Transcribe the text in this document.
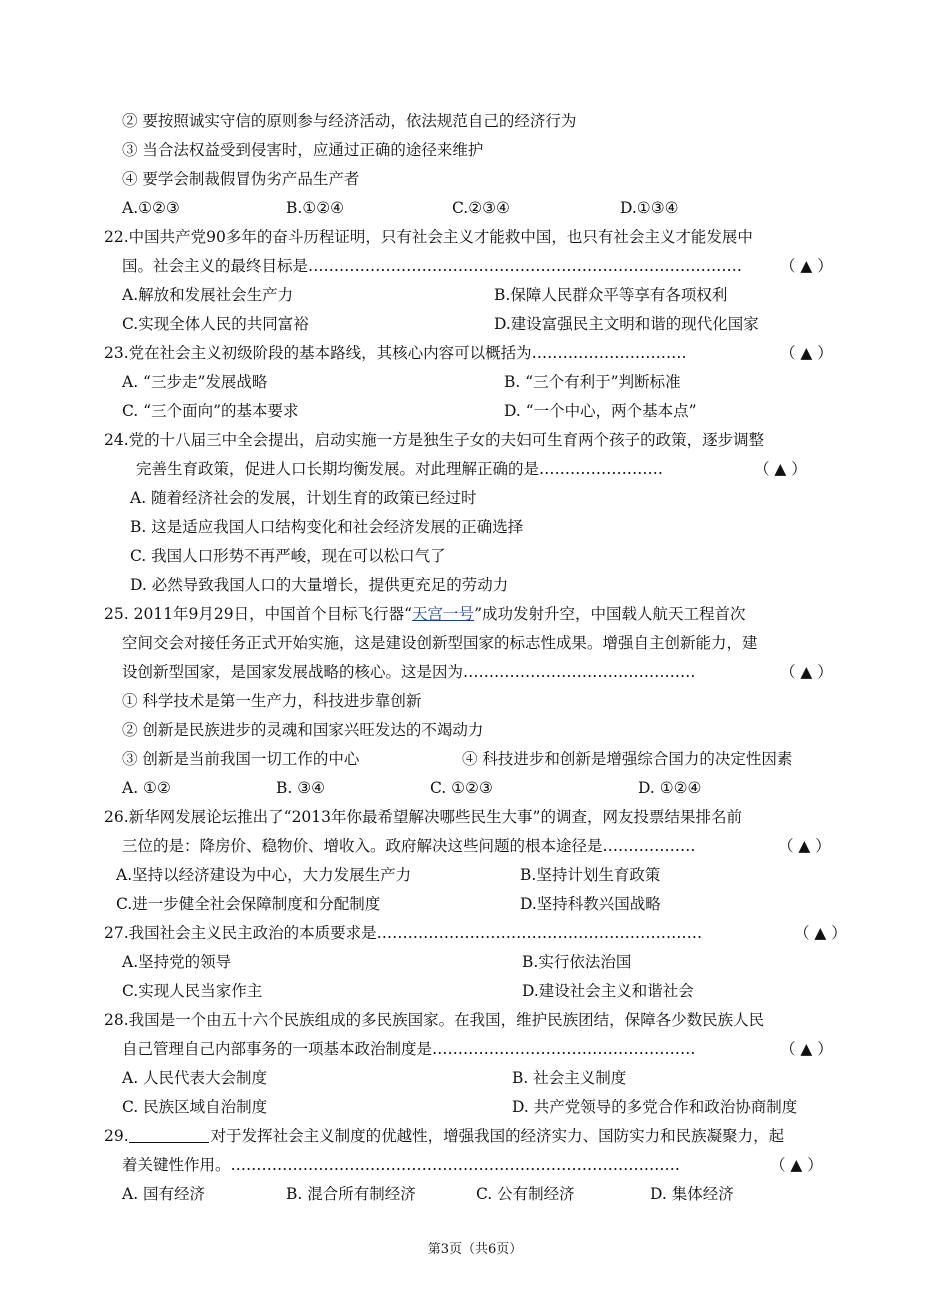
② 要按照诚实守信的原则参与经济活动，依法规范自己的经济行为
③ 当合法权益受到侵害时，应通过正确的途径来维护
④ 要学会制裁假冒伪劣产品生产者
A.①②③	B.①②④	C.②③④	D.①③④
22.中国共产党90多年的奋斗历程证明，只有社会主义才能救中国，也只有社会主义才能发展中
国。社会主义的最终目标是………………………………………………………………………… （ ▲ ）
A.解放和发展社会生产力	B.保障人民群众平等享有各项权利
C.实现全体人民的共同富裕	D.建设富强民主文明和谐的现代化国家
23.党在社会主义初级阶段的基本路线，其核心内容可以概括为…………………………	（ ▲ ）
A. “三步走”发展战略	B. “三个有利于”判断标准
C. “三个面向”的基本要求	D. “一个中心，两个基本点”
24.党的十八届三中全会提出，启动实施一方是独生子女的夫妇可生育两个孩子的政策，逐步调整
完善生育政策，促进人口长期均衡发展。对此理解正确的是……………………	（ ▲ ）
A. 随着经济社会的发展，计划生育的政策已经过时
B. 这是适应我国人口结构变化和社会经济发展的正确选择
C. 我国人口形势不再严峻，现在可以松口气了
D. 必然导致我国人口的大量增长，提供更充足的劳动力
25. 2011年9月29日，中国首个目标飞行器“天宫一号”成功发射升空，中国载人航天工程首次
空间交会对接任务正式开始实施，这是建设创新型国家的标志性成果。增强自主创新能力，建
设创新型国家，是国家发展战略的核心。这是因为………………………………………	（ ▲ ）
① 科学技术是第一生产力，科技进步靠创新
② 创新是民族进步的灵魂和国家兴旺发达的不竭动力
③ 创新是当前我国一切工作的中心	④ 科技进步和创新是增强综合国力的决定性因素
A. ①②	B. ③④	C. ①②③	D. ①②④
26.新华网发展论坛推出了“2013年你最希望解决哪些民生大事”的调查，网友投票结果排名前
三位的是：降房价、稳物价、增收入。政府解决这些问题的根本途径是………………	（ ▲ ）
A.坚持以经济建设为中心，大力发展生产力	B.坚持计划生育政策
C.进一步健全社会保障制度和分配制度	D.坚持科教兴国战略
27.我国社会主义民主政治的本质要求是………………………………………………………	（ ▲ ）
A.坚持党的领导	B.实行依法治国
C.实现人民当家作主	D.建设社会主义和谐社会
28.我国是一个由五十六个民族组成的多民族国家。在我国，维护民族团结，保障各少数民族人民
自己管理自己内部事务的一项基本政治制度是……………………………………………	（ ▲ ）
A. 人民代表大会制度	B. 社会主义制度
C. 民族区域自治制度	D. 共产党领导的多党合作和政治协商制度
29.	对于发挥社会主义制度的优越性，增强我国的经济实力、国防实力和民族凝聚力，起
着关键性作用。……………………………………………………………………………	（ ▲ ）
A. 国有经济	B. 混合所有制经济	C. 公有制经济	D. 集体经济
第3页（共6页）
